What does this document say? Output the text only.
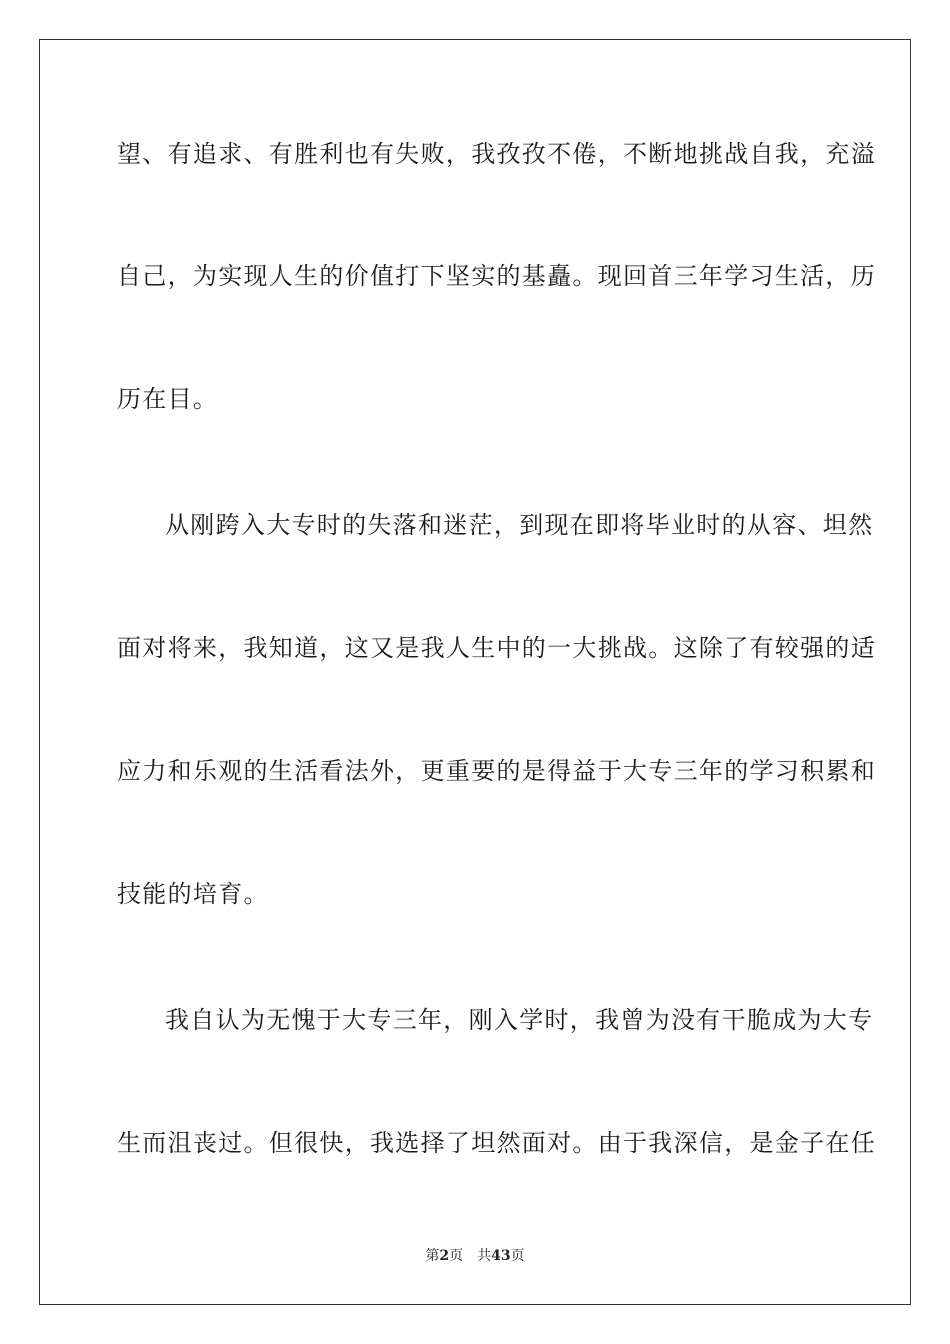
望、有追求、有胜利也有失败，我孜孜不倦，不断地挑战自我，充溢
自己，为实现人生的价值打下坚实的基矗。现回首三年学习生活，历
历在目。
从刚跨入大专时的失落和迷茫，到现在即将毕业时的从容、坦然
面对将来，我知道，这又是我人生中的一大挑战。这除了有较强的适
应力和乐观的生活看法外，更重要的是得益于大专三年的学习积累和
技能的培育。
我自认为无愧于大专三年，刚入学时，我曾为没有干脆成为大专
生而沮丧过。但很快，我选择了坦然面对。由于我深信，是金子在任
第2页 共43页
